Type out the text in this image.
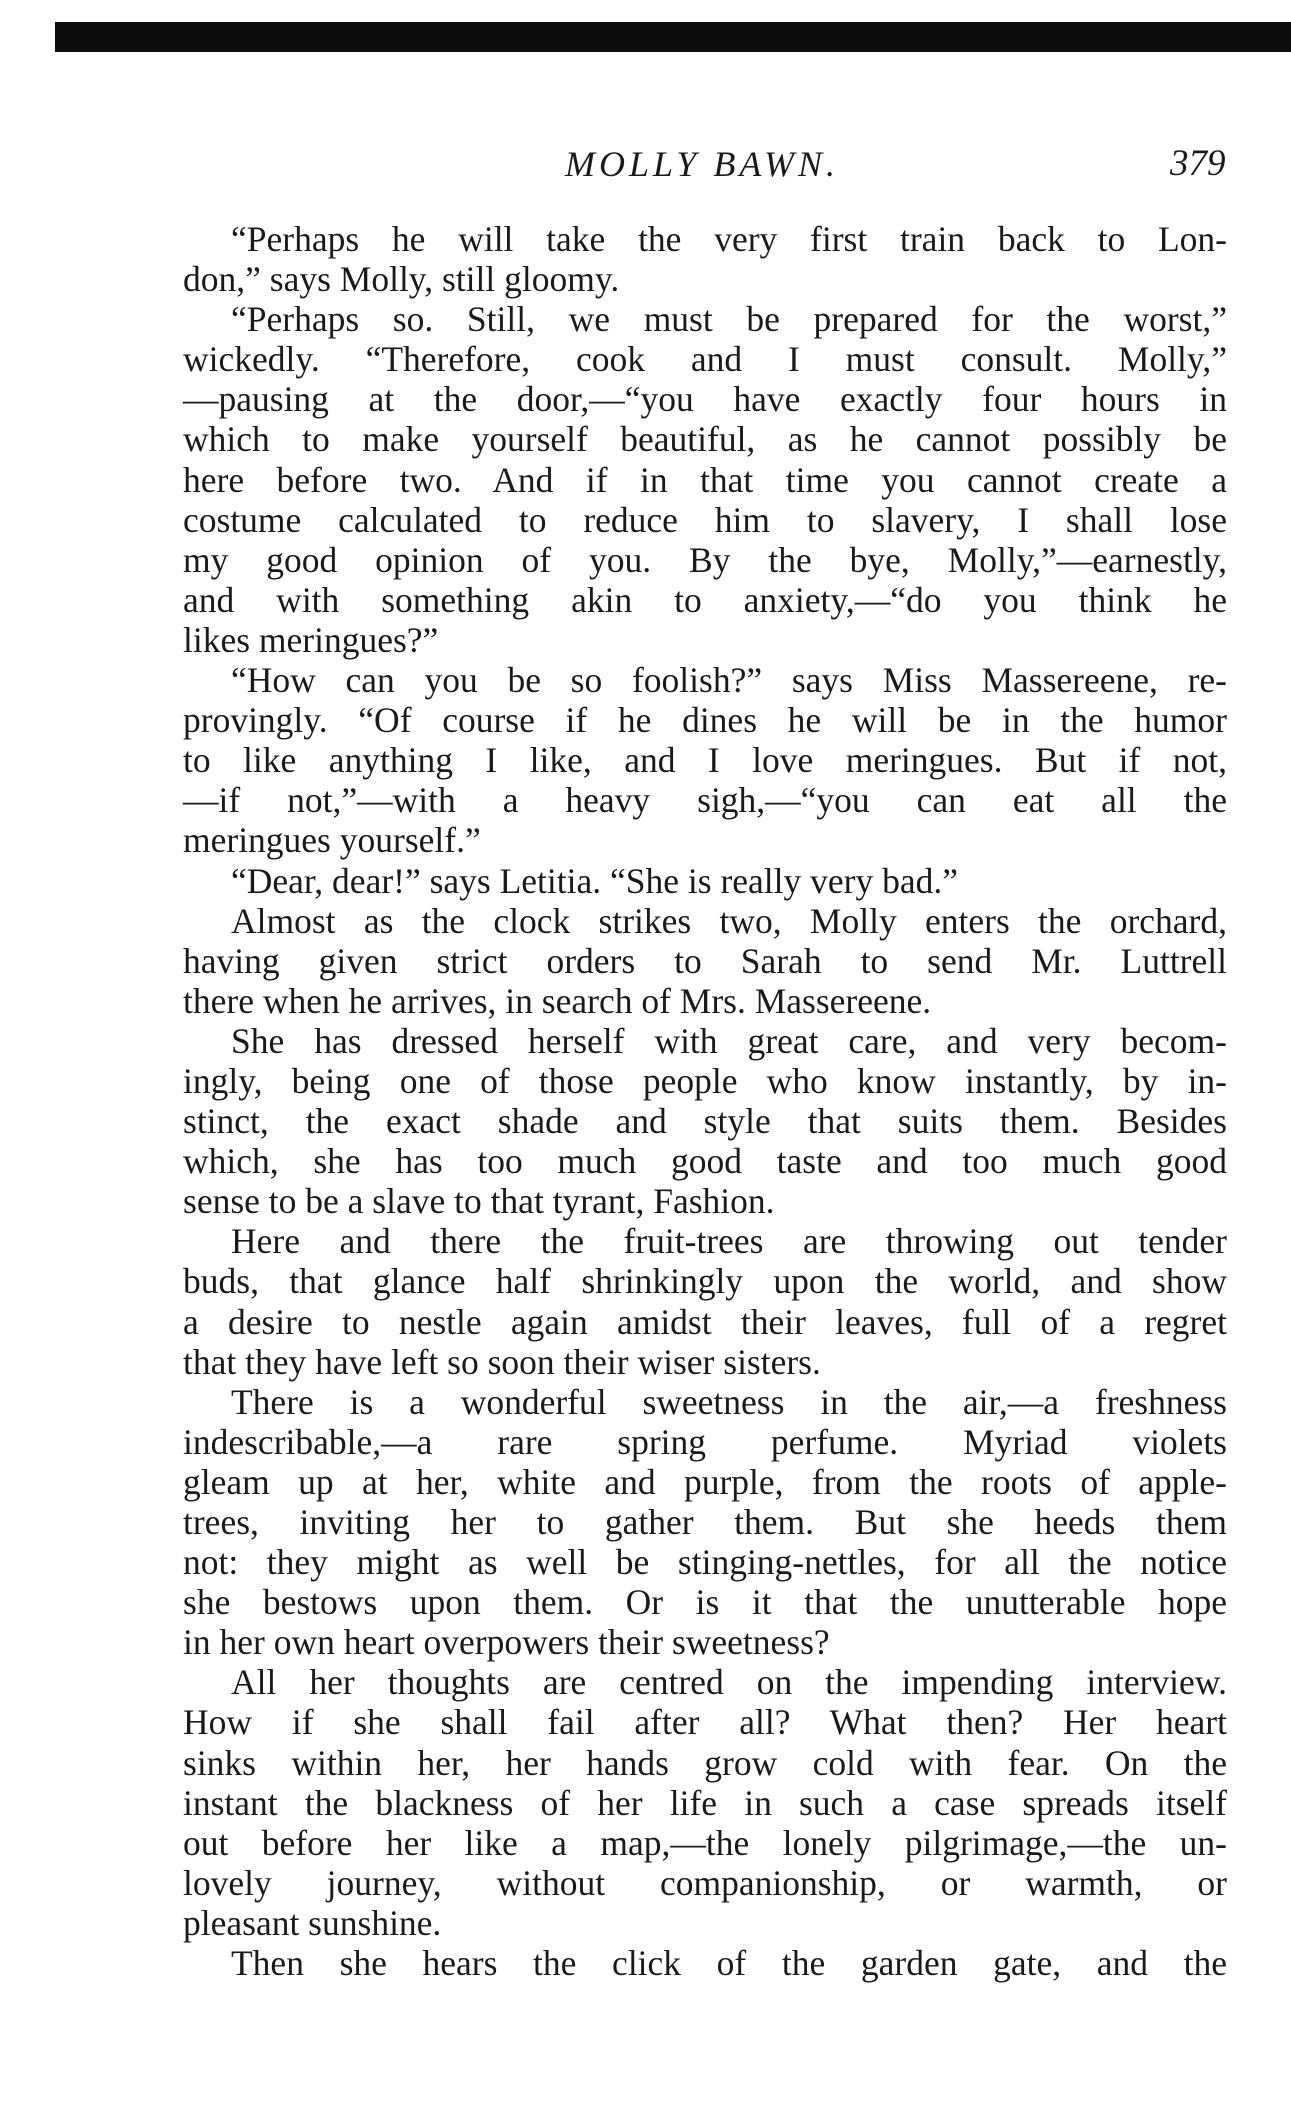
MOLLY BAWN.	379
“Perhaps he will take the very first train back to Lon-
don,” says Molly, still gloomy.
“Perhaps so. Still, we must be prepared for the worst,”
wickedly. “Therefore, cook and I must consult. Molly,”
—pausing at the door,—“you have exactly four hours in
which to make yourself beautiful, as he cannot possibly be
here before two. And if in that time you cannot create a
costume calculated to reduce him to slavery, I shall lose
my good opinion of you. By the bye, Molly,”—earnestly,
and with something akin to anxiety,—“do you think he
likes meringues?”
“How can you be so foolish?” says Miss Massereene, re-
provingly. “Of course if he dines he will be in the humor
to like anything I like, and I love meringues. But if not,
—if not,”—with a heavy sigh,—“you can eat all the
meringues yourself.”
“Dear, dear!” says Letitia. “She is really very bad.”
Almost as the clock strikes two, Molly enters the orchard,
having given strict orders to Sarah to send Mr. Luttrell
there when he arrives, in search of Mrs. Massereene.
She has dressed herself with great care, and very becom-
ingly, being one of those people who know instantly, by in-
stinct, the exact shade and style that suits them. Besides
which, she has too much good taste and too much good
sense to be a slave to that tyrant, Fashion.
Here and there the fruit-trees are throwing out tender
buds, that glance half shrinkingly upon the world, and show
a desire to nestle again amidst their leaves, full of a regret
that they have left so soon their wiser sisters.
There is a wonderful sweetness in the air,—a freshness
indescribable,—a rare spring perfume. Myriad violets
gleam up at her, white and purple, from the roots of apple-
trees, inviting her to gather them. But she heeds them
not: they might as well be stinging-nettles, for all the notice
she bestows upon them. Or is it that the unutterable hope
in her own heart overpowers their sweetness?
All her thoughts are centred on the impending interview.
How if she shall fail after all? What then? Her heart
sinks within her, her hands grow cold with fear. On the
instant the blackness of her life in such a case spreads itself
out before her like a map,—the lonely pilgrimage,—the un-
lovely journey, without companionship, or warmth, or
pleasant sunshine.
Then she hears the click of the garden gate, and the
